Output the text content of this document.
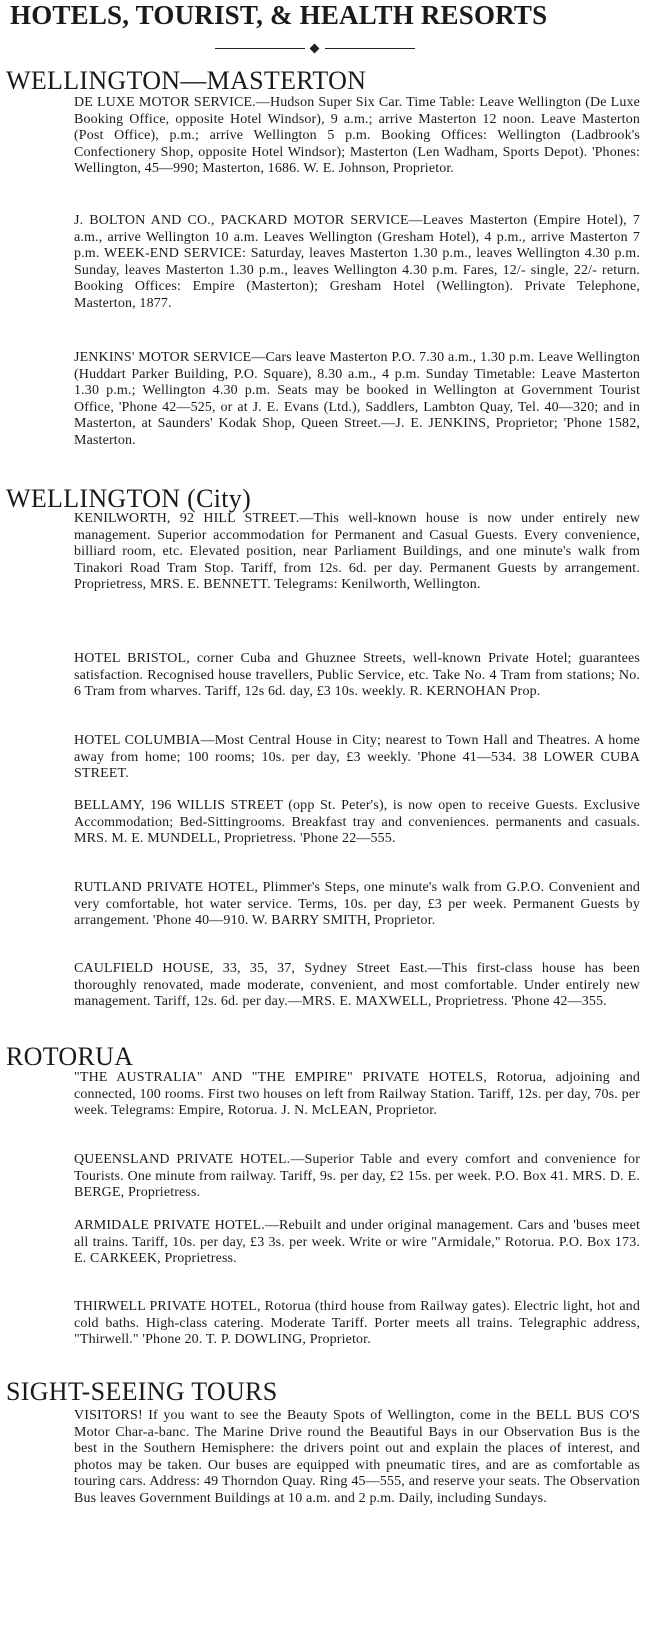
HOTELS, TOURIST, & HEALTH RESORTS
WELLINGTON—MASTERTON
DE LUXE MOTOR SERVICE.—Hudson Super Six Car. Time Table: Leave Wellington (De Luxe Booking Office, opposite Hotel Windsor), 9 a.m.; arrive Masterton 12 noon. Leave Masterton (Post Office), p.m.; arrive Wellington 5 p.m. Booking Offices: Wellington (Ladbrook's Confectionery Shop, opposite Hotel Windsor); Masterton (Len Wadham, Sports Depot). 'Phones: Wellington, 45—990; Masterton, 1686. W. E. Johnson, Proprietor.
J. BOLTON AND CO., PACKARD MOTOR SERVICE—Leaves Masterton (Empire Hotel), 7 a.m., arrive Wellington 10 a.m. Leaves Wellington (Gresham Hotel), 4 p.m., arrive Masterton 7 p.m. WEEK-END SERVICE: Saturday, leaves Masterton 1.30 p.m., leaves Wellington 4.30 p.m. Sunday, leaves Masterton 1.30 p.m., leaves Wellington 4.30 p.m. Fares, 12/- single, 22/- return. Booking Offices: Empire (Masterton); Gresham Hotel (Wellington). Private Telephone, Masterton, 1877.
JENKINS' MOTOR SERVICE—Cars leave Masterton P.O. 7.30 a.m., 1.30 p.m. Leave Wellington (Huddart Parker Building, P.O. Square), 8.30 a.m., 4 p.m. Sunday Timetable: Leave Masterton 1.30 p.m.; Wellington 4.30 p.m. Seats may be booked in Wellington at Government Tourist Office, 'Phone 42—525, or at J. E. Evans (Ltd.), Saddlers, Lambton Quay, Tel. 40—320; and in Masterton, at Saunders' Kodak Shop, Queen Street.—J. E. JENKINS, Proprietor; 'Phone 1582, Masterton.
WELLINGTON (City)
KENILWORTH, 92 HILL STREET.—This well-known house is now under entirely new management. Superior accommodation for Permanent and Casual Guests. Every convenience, billiard room, etc. Elevated position, near Parliament Buildings, and one minute's walk from Tinakori Road Tram Stop. Tariff, from 12s. 6d. per day. Permanent Guests by arrangement. Proprietress, MRS. E. BENNETT. Telegrams: Kenilworth, Wellington.
HOTEL BRISTOL, corner Cuba and Ghuznee Streets, well-known Private Hotel; guarantees satisfaction. Recognised house travellers, Public Service, etc. Take No. 4 Tram from stations; No. 6 Tram from wharves. Tariff, 12s 6d. day, £3 10s. weekly. R. KERNOHAN Prop.
HOTEL COLUMBIA—Most Central House in City; nearest to Town Hall and Theatres. A home away from home; 100 rooms; 10s. per day, £3 weekly. 'Phone 41—534. 38 LOWER CUBA STREET.
BELLAMY, 196 WILLIS STREET (opp St. Peter's), is now open to receive Guests. Exclusive Accommodation; Bed-Sittingrooms. Breakfast tray and conveniences. permanents and casuals. MRS. M. E. MUNDELL, Proprietress. 'Phone 22—555.
RUTLAND PRIVATE HOTEL, Plimmer's Steps, one minute's walk from G.P.O. Convenient and very comfortable, hot water service. Terms, 10s. per day, £3 per week. Permanent Guests by arrangement. 'Phone 40—910. W. BARRY SMITH, Proprietor.
CAULFIELD HOUSE, 33, 35, 37, Sydney Street East.—This first-class house has been thoroughly renovated, made moderate, convenient, and most comfortable. Under entirely new management. Tariff, 12s. 6d. per day.—MRS. E. MAXWELL, Proprietress. 'Phone 42—355.
ROTORUA
"THE AUSTRALIA" AND "THE EMPIRE" PRIVATE HOTELS, Rotorua, adjoining and connected, 100 rooms. First two houses on left from Railway Station. Tariff, 12s. per day, 70s. per week. Telegrams: Empire, Rotorua. J. N. McLEAN, Proprietor.
QUEENSLAND PRIVATE HOTEL.—Superior Table and every comfort and convenience for Tourists. One minute from railway. Tariff, 9s. per day, £2 15s. per week. P.O. Box 41. MRS. D. E. BERGE, Proprietress.
ARMIDALE PRIVATE HOTEL.—Rebuilt and under original management. Cars and 'buses meet all trains. Tariff, 10s. per day, £3 3s. per week. Write or wire "Armidale," Rotorua. P.O. Box 173. E. CARKEEK, Proprietress.
THIRWELL PRIVATE HOTEL, Rotorua (third house from Railway gates). Electric light, hot and cold baths. High-class catering. Moderate Tariff. Porter meets all trains. Telegraphic address, "Thirwell." 'Phone 20. T. P. DOWLING, Proprietor.
SIGHT-SEEING TOURS
VISITORS! If you want to see the Beauty Spots of Wellington, come in the BELL BUS CO'S Motor Char-a-banc. The Marine Drive round the Beautiful Bays in our Observation Bus is the best in the Southern Hemisphere: the drivers point out and explain the places of interest, and photos may be taken. Our buses are equipped with pneumatic tires, and are as comfortable as touring cars. Address: 49 Thorndon Quay. Ring 45—555, and reserve your seats. The Observation Bus leaves Government Buildings at 10 a.m. and 2 p.m. Daily, including Sundays.
